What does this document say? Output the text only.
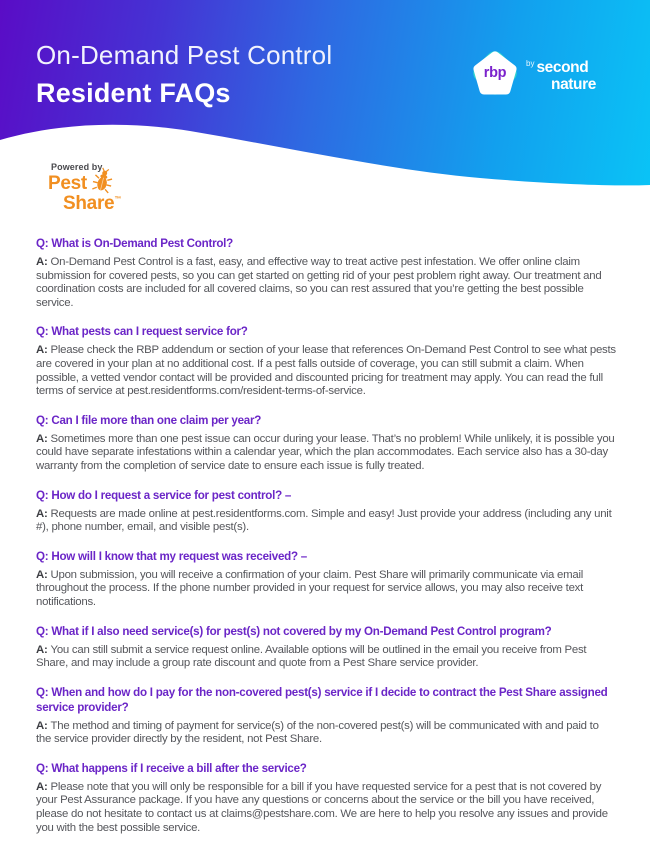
On-Demand Pest Control
Resident FAQs
rbp
$^{by}$ second
nature
Powered by
Pest
Share™
Q: What is On-Demand Pest Control?

A: On-Demand Pest Control is a fast, easy, and effective way to treat active pest infestation. We offer online claim submission for covered pests, so you can get started on getting rid of your pest problem right away. Our treatment and coordination costs are included for all covered claims, so you can rest assured that you’re getting the best possible service.

Q: What pests can I request service for?

A: Please check the RBP addendum or section of your lease that references On-Demand Pest Control to see what pests are covered in your plan at no additional cost. If a pest falls outside of coverage, you can still submit a claim. When possible, a vetted vendor contact will be provided and discounted pricing for treatment may apply. You can read the full terms of service at pest.residentforms.com/resident-terms-of-service.

Q: Can I file more than one claim per year?

A: Sometimes more than one pest issue can occur during your lease. That’s no problem! While unlikely, it is possible you could have separate infestations within a calendar year, which the plan accommodates. Each service also has a 30-day warranty from the completion of service date to ensure each issue is fully treated.

Q: How do I request a service for pest control? –

A: Requests are made online at pest.residentforms.com. Simple and easy! Just provide your address (including any unit #), phone number, email, and visible pest(s).

Q: How will I know that my request was received? –

A: Upon submission, you will receive a confirmation of your claim. Pest Share will primarily communicate via email throughout the process. If the phone number provided in your request for service allows, you may also receive text notifications.

Q: What if I also need service(s) for pest(s) not covered by my On-Demand Pest Control program?

A: You can still submit a service request online. Available options will be outlined in the email you receive from Pest Share, and may include a group rate discount and quote from a Pest Share service provider.

Q: When and how do I pay for the non-covered pest(s) service if I decide to contract the Pest Share assigned service provider?

A: The method and timing of payment for service(s) of the non-covered pest(s) will be communicated with and paid to the service provider directly by the resident, not Pest Share.

Q: What happens if I receive a bill after the service?

A: Please note that you will only be responsible for a bill if you have requested service for a pest that is not covered by your Pest Assurance package. If you have any questions or concerns about the service or the bill you have received, please do not hesitate to contact us at claims@pestshare.com. We are here to help you resolve any issues and provide you with the best possible service.
